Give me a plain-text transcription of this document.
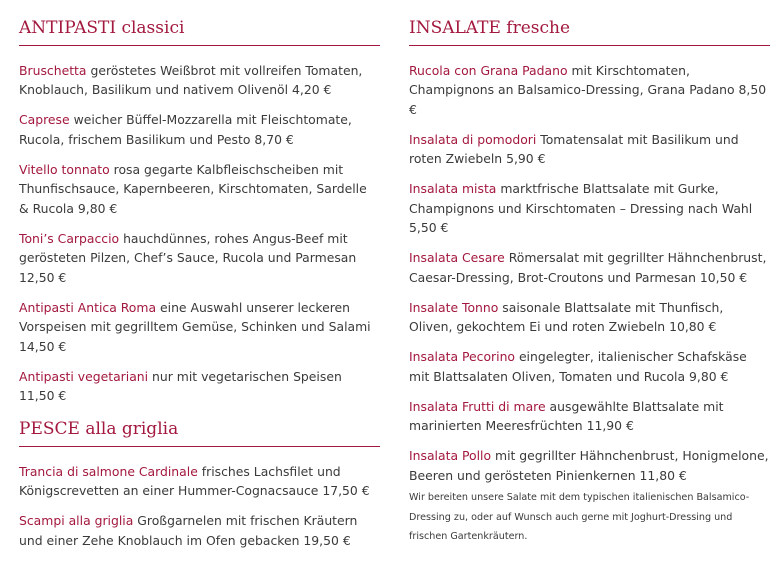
ANTIPASTI classici

Bruschetta geröstetes Weißbrot mit vollreifen Tomaten, Knoblauch, Basilikum und nativem Olivenöl 4,20 €

Caprese weicher Büffel-Mozzarella mit Fleischtomate, Rucola, frischem Basilikum und Pesto 8,70 €

Vitello tonnato rosa gegarte Kalbfleischscheiben mit Thunfischsauce, Kapernbeeren, Kirschtomaten, Sardelle & Rucola 9,80 €

Toni’s Carpaccio hauchdünnes, rohes Angus-Beef mit gerösteten Pilzen, Chef’s Sauce, Rucola und Parmesan 12,50 €

Antipasti Antica Roma eine Auswahl unserer leckeren Vorspeisen mit gegrilltem Gemüse, Schinken und Salami 14,50 €

Antipasti vegetariani nur mit vegetarischen Speisen 11,50 €

PESCE alla griglia

Trancia di salmone Cardinale frisches Lachsfilet und Königscrevetten an einer Hummer-Cognacsauce 17,50 €

Scampi alla griglia Großgarnelen mit frischen Kräutern und einer Zehe Knoblauch im Ofen gebacken 19,50 €

INSALATE fresche

Rucola con Grana Padano mit Kirschtomaten, Champignons an Balsamico-Dressing, Grana Padano 8,50 €

Insalata di pomodori Tomatensalat mit Basilikum und roten Zwiebeln 5,90 €

Insalata mista marktfrische Blattsalate mit Gurke, Champignons und Kirschtomaten – Dressing nach Wahl 5,50 €

Insalata Cesare Römersalat mit gegrillter Hähnchenbrust, Caesar-Dressing, Brot-Croutons und Parmesan 10,50 €

Insalate Tonno saisonale Blattsalate mit Thunfisch, Oliven, gekochtem Ei und roten Zwiebeln 10,80 €

Insalata Pecorino eingelegter, italienischer Schafskäse mit Blattsalaten Oliven, Tomaten und Rucola 9,80 €

Insalata Frutti di mare ausgewählte Blattsalate mit marinierten Meeresfrüchten 11,90 €

Insalata Pollo mit gegrillter Hähnchenbrust, Honigmelone, Beeren und gerösteten Pinienkernen 11,80 €

Wir bereiten unsere Salate mit dem typischen italienischen Balsamico-Dressing zu, oder auf Wunsch auch gerne mit Joghurt-Dressing und frischen Gartenkräutern.
